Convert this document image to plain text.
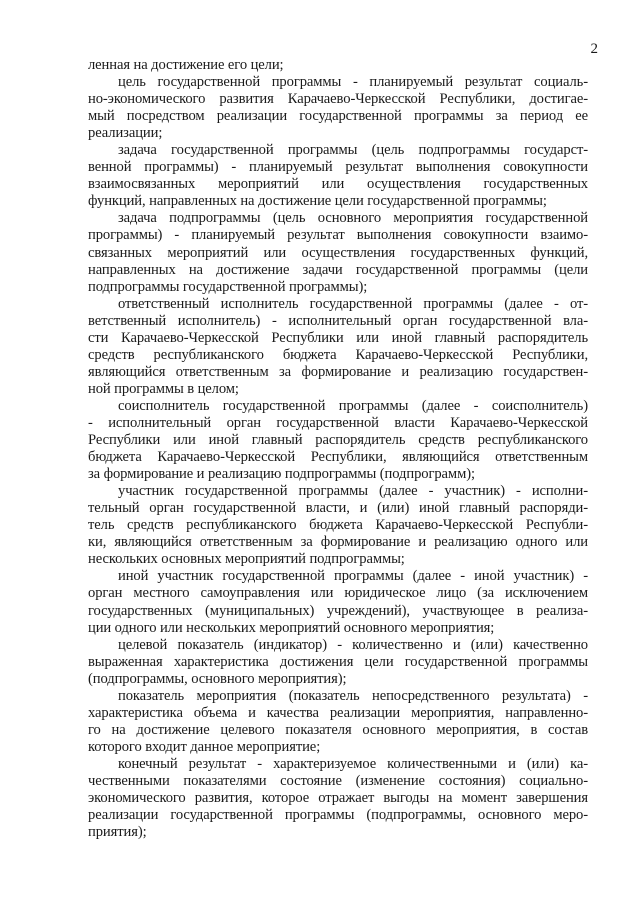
2
ленная на достижение его цели;
цель государственной программы - планируемый результат социаль-
но-экономического развития Карачаево-Черкесской Республики, достигае-
мый посредством реализации государственной программы за период ее
реализации;
задача государственной программы (цель подпрограммы государст-
венной программы) - планируемый результат выполнения совокупности
взаимосвязанных мероприятий или осуществления государственных
функций, направленных на достижение цели государственной программы;
задача подпрограммы (цель основного мероприятия государственной
программы) - планируемый результат выполнения совокупности взаимо-
связанных мероприятий или осуществления государственных функций,
направленных на достижение задачи государственной программы (цели
подпрограммы государственной программы);
ответственный исполнитель государственной программы (далее - от-
ветственный исполнитель) - исполнительный орган государственной вла-
сти Карачаево-Черкесской Республики или иной главный распорядитель
средств республиканского бюджета Карачаево-Черкесской Республики,
являющийся ответственным за формирование и реализацию государствен-
ной программы в целом;
соисполнитель государственной программы (далее - соисполнитель)
- исполнительный орган государственной власти Карачаево-Черкесской
Республики или иной главный распорядитель средств республиканского
бюджета Карачаево-Черкесской Республики, являющийся ответственным
за формирование и реализацию подпрограммы (подпрограмм);
участник государственной программы (далее - участник) - исполни-
тельный орган государственной власти, и (или) иной главный распоряди-
тель средств республиканского бюджета Карачаево-Черкесской Республи-
ки, являющийся ответственным за формирование и реализацию одного или
нескольких основных мероприятий подпрограммы;
иной участник государственной программы (далее - иной участник) -
орган местного самоуправления или юридическое лицо (за исключением
государственных (муниципальных) учреждений), участвующее в реализа-
ции одного или нескольких мероприятий основного мероприятия;
целевой показатель (индикатор) - количественно и (или) качественно
выраженная характеристика достижения цели государственной программы
(подпрограммы, основного мероприятия);
показатель мероприятия (показатель непосредственного результата) -
характеристика объема и качества реализации мероприятия, направленно-
го на достижение целевого показателя основного мероприятия, в состав
которого входит данное мероприятие;
конечный результат - характеризуемое количественными и (или) ка-
чественными показателями состояние (изменение состояния) социально-
экономического развития, которое отражает выгоды на момент завершения
реализации государственной программы (подпрограммы, основного меро-
приятия);
